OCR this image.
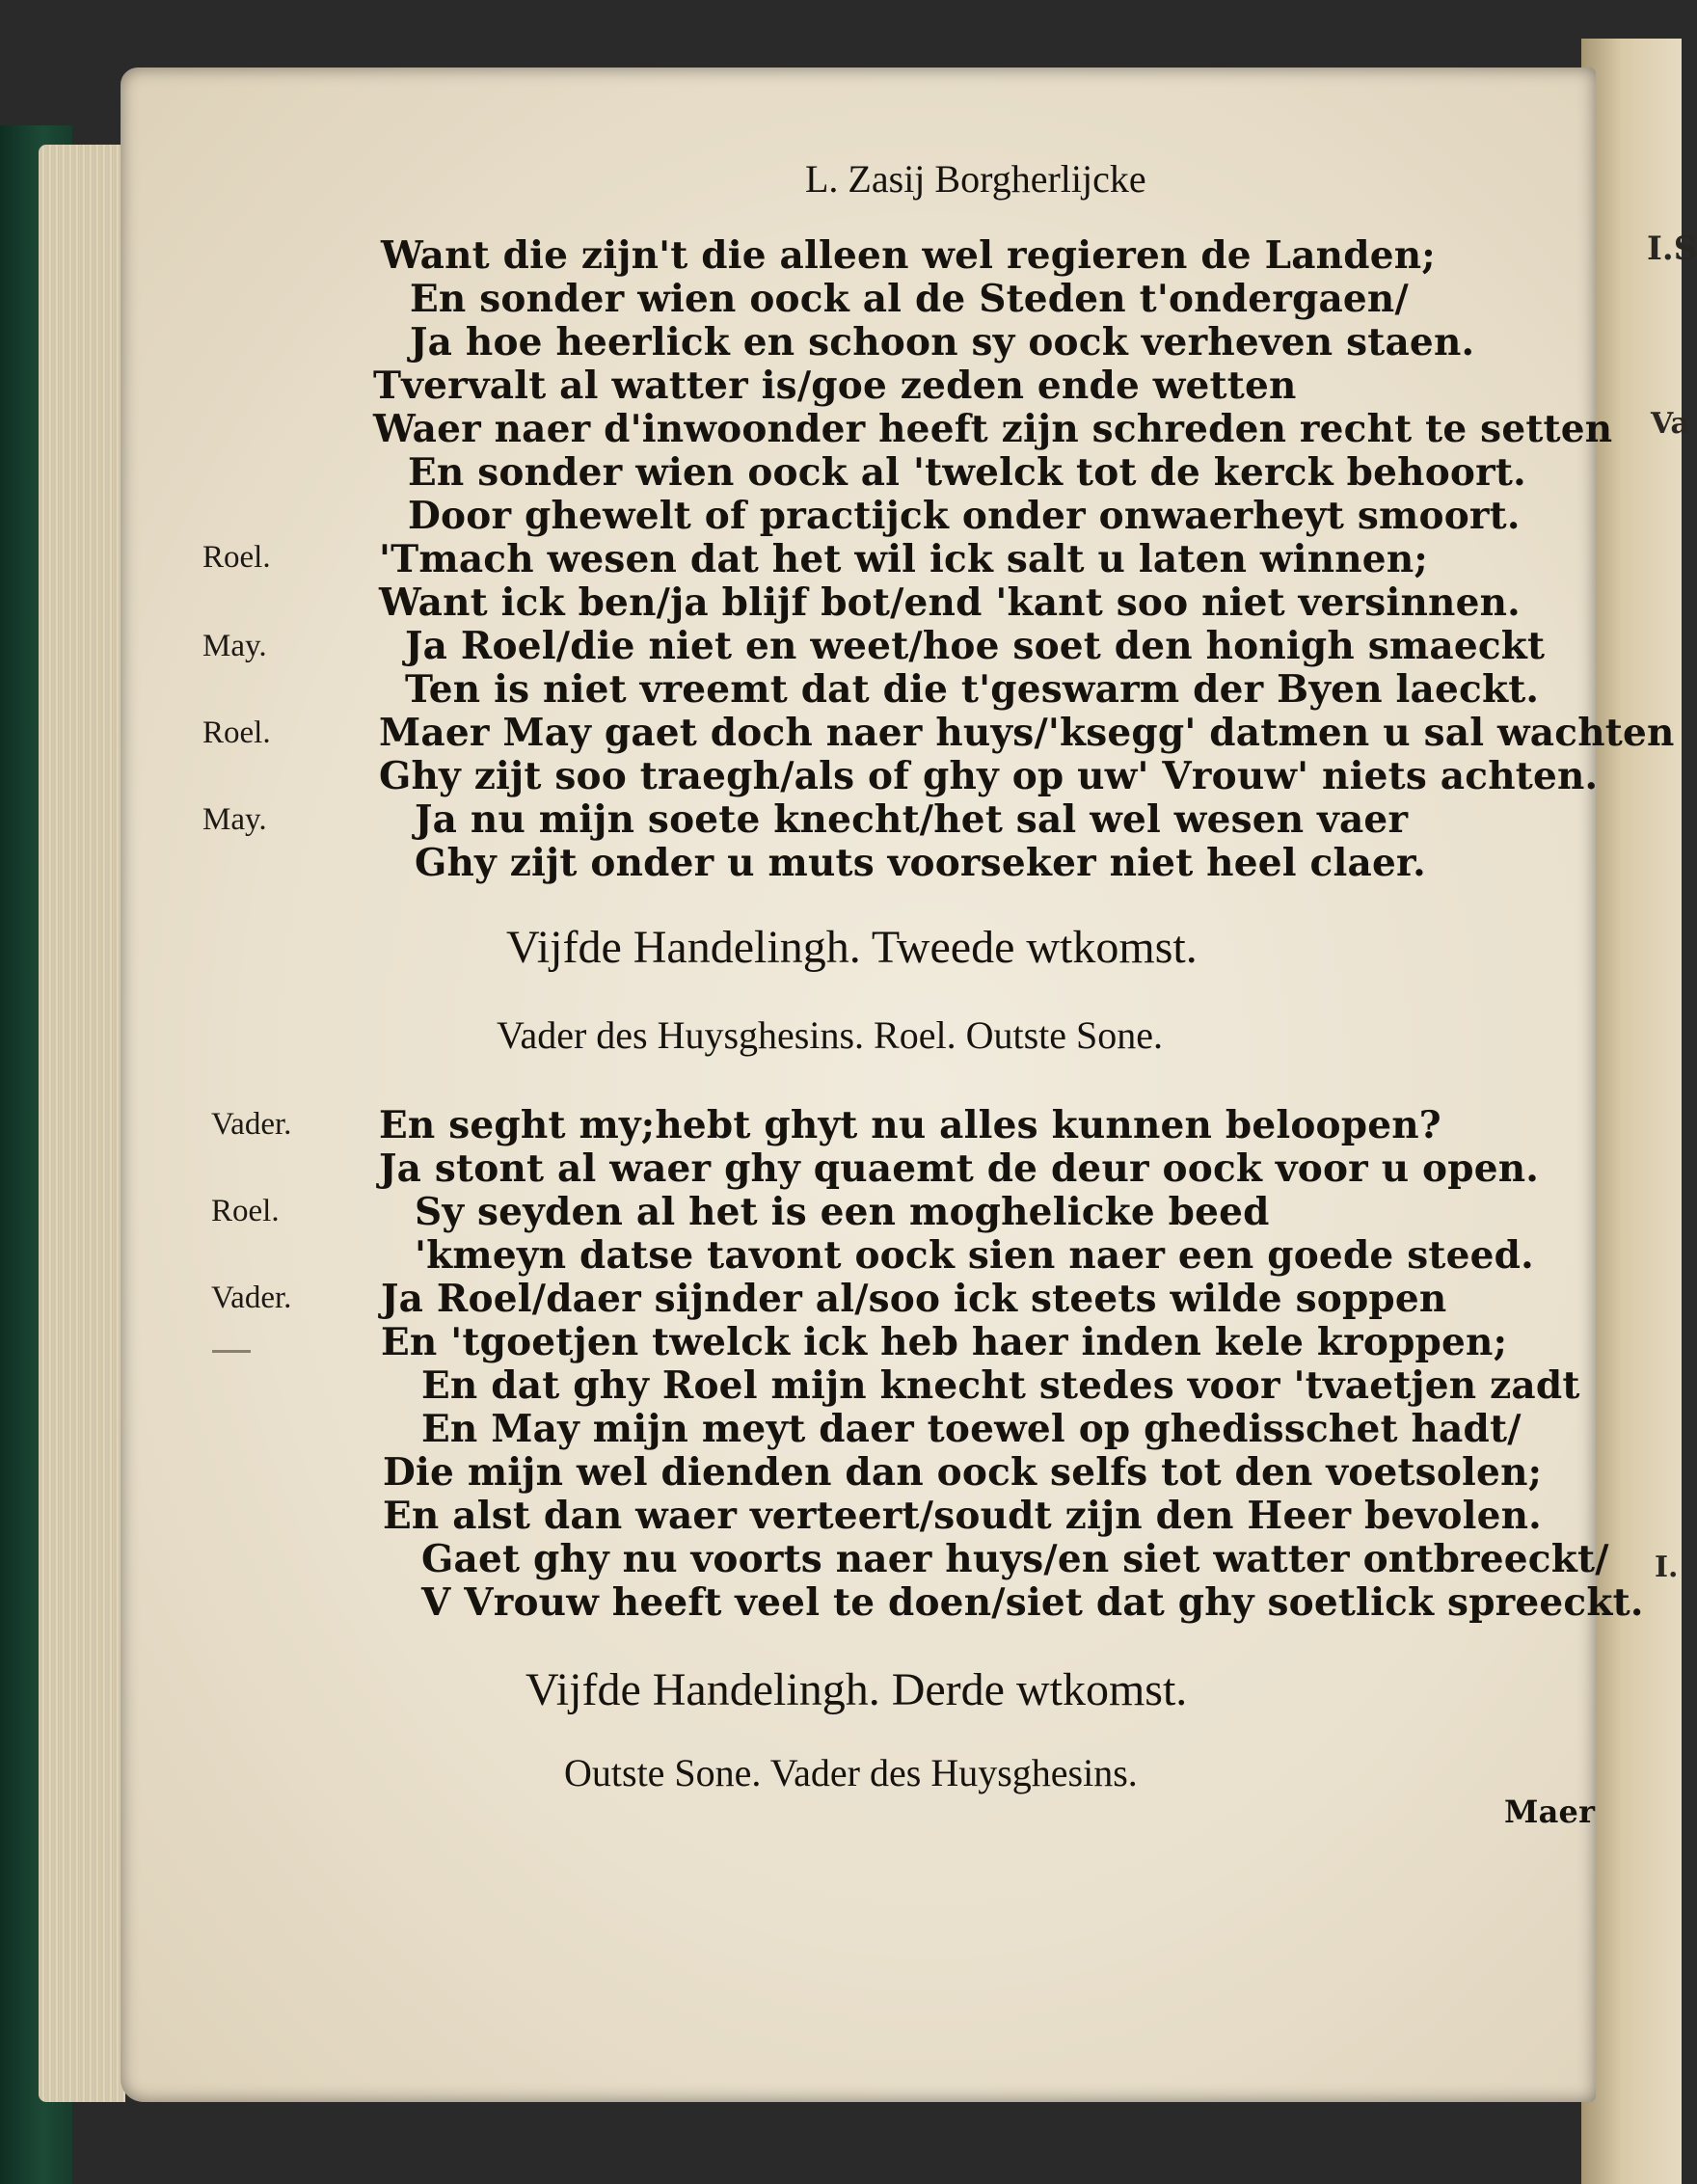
I.S
Va
I.
L. Zasij Borgherlijcke
Want die zijn't die alleen wel regieren de Landen;
En sonder wien oock al de Steden t'ondergaen/
Ja hoe heerlick en schoon sy oock verheven staen.
Tvervalt al watter is/goe zeden ende wetten
Waer naer d'inwoonder heeft zijn schreden recht te setten
En sonder wien oock al 'twelck tot de kerck behoort.
Door ghewelt of practijck onder onwaerheyt smoort.
Roel.	'Tmach wesen dat het wil ick salt u laten winnen;
Want ick ben/ja blijf bot/end 'kant soo niet versinnen.
May.	Ja Roel/die niet en weet/hoe soet den honigh smaeckt
Ten is niet vreemt dat die t'geswarm der Byen laeckt.
Roel.	Maer May gaet doch naer huys/'ksegg' datmen u sal wachten
Ghy zijt soo traegh/als of ghy op uw' Vrouw' niets achten.
May.	Ja nu mijn soete knecht/het sal wel wesen vaer
Ghy zijt onder u muts voorseker niet heel claer.
Vijfde Handelingh. Tweede wtkomst.
Vader des Huysghesins. Roel. Outste Sone.
Vader. En seght my;hebt ghyt nu alles kunnen beloopen?
Ja stont al waer ghy quaemt de deur oock voor u open.
Roel.	Sy seyden al het is een moghelicke beed
'kmeyn datse tavont oock sien naer een goede steed.
Vader. Ja Roel/daer sijnder al/soo ick steets wilde soppen
En 'tgoetjen twelck ick heb haer inden kele kroppen;
En dat ghy Roel mijn knecht stedes voor 'tvaetjen zadt
En May mijn meyt daer toewel op ghedisschet hadt/
Die mijn wel dienden dan oock selfs tot den voetsolen;
En alst dan waer verteert/soudt zijn den Heer bevolen.
Gaet ghy nu voorts naer huys/en siet watter ontbreeckt/
V Vrouw heeft veel te doen/siet dat ghy soetlick spreeckt.
Vijfde Handelingh. Derde wtkomst.
Outste Sone. Vader des Huysghesins.
Maer
